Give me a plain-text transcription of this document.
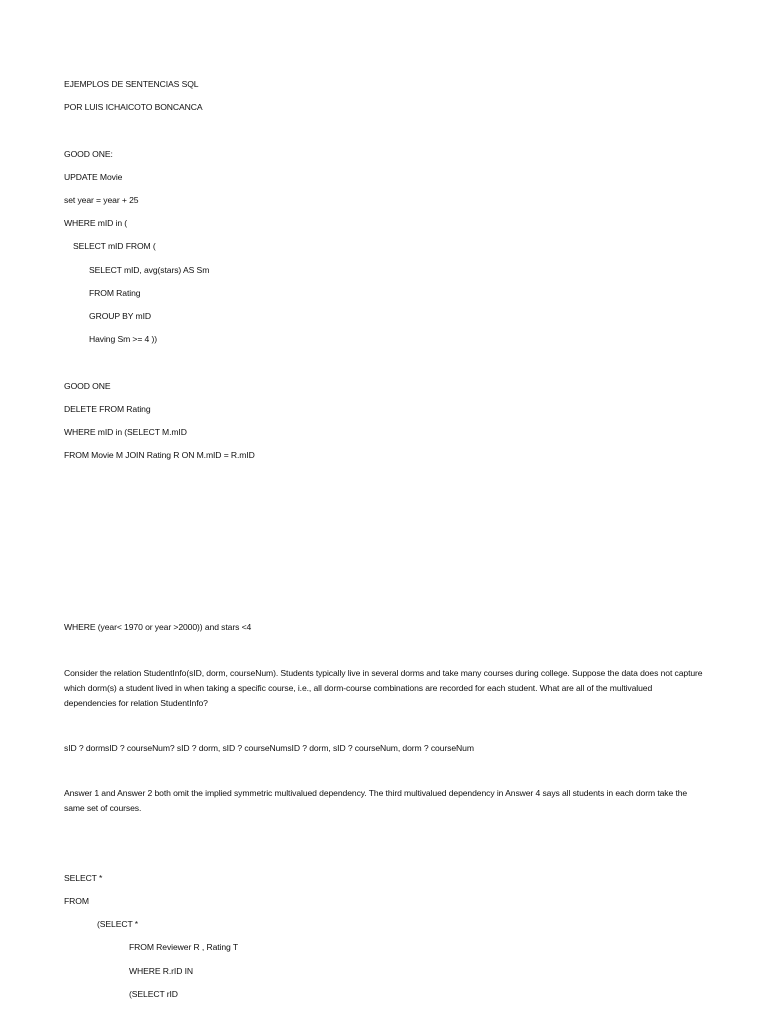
EJEMPLOS DE SENTENCIAS SQL
POR LUIS ICHAICOTO BONCANCA
GOOD ONE:
UPDATE Movie
set year = year + 25
WHERE mID in (
SELECT mID FROM (
SELECT mID, avg(stars) AS Sm
FROM Rating
GROUP BY mID
Having Sm >= 4 ))
GOOD ONE
DELETE FROM Rating
WHERE mID in (SELECT M.mID
FROM Movie M JOIN Rating R ON M.mID = R.mID
WHERE (year< 1970 or year >2000)) and stars <4
Consider the relation StudentInfo(sID, dorm, courseNum). Students typically live in several dorms and take many courses during college. Suppose the data does not capture which dorm(s) a student lived in when taking a specific course, i.e., all dorm-course combinations are recorded for each student. What are all of the multivalued dependencies for relation StudentInfo?
sID ? dormsID ? courseNum? sID ? dorm, sID ? courseNumsID ? dorm, sID ? courseNum, dorm ? courseNum
Answer 1 and Answer 2 both omit the implied symmetric multivalued dependency. The third multivalued dependency in Answer 4 says all students in each dorm take the same set of courses.
SELECT *
FROM
(SELECT *
FROM Reviewer R , Rating T
WHERE R.rID IN
(SELECT rID
